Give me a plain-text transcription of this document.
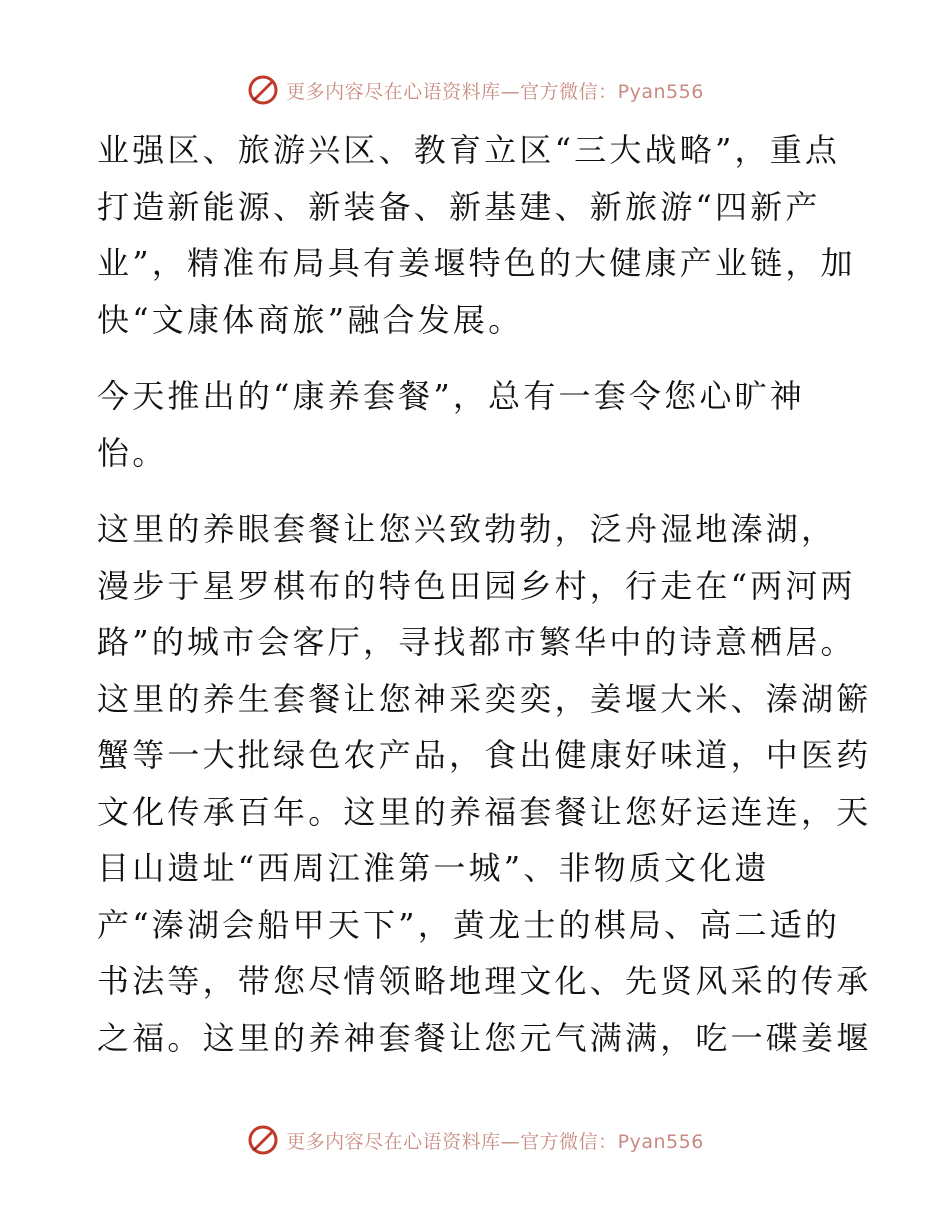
更多内容尽在心语资料库—官方微信：Pyan556
业强区、旅游兴区、教育立区“三大战略”，重点
打造新能源、新装备、新基建、新旅游“四新产
业”，精准布局具有姜堰特色的大健康产业链，加
快“文康体商旅”融合发展。
今天推出的“康养套餐”，总有一套令您心旷神
怡。
这里的养眼套餐让您兴致勃勃，泛舟湿地溱湖，
漫步于星罗棋布的特色田园乡村，行走在“两河两
路”的城市会客厅，寻找都市繁华中的诗意栖居。
这里的养生套餐让您神采奕奕，姜堰大米、溱湖簖
蟹等一大批绿色农产品，食出健康好味道，中医药
文化传承百年。这里的养福套餐让您好运连连，天
目山遗址“西周江淮第一城”、非物质文化遗
产“溱湖会船甲天下”，黄龙士的棋局、高二适的
书法等，带您尽情领略地理文化、先贤风采的传承
之福。这里的养神套餐让您元气满满，吃一碟姜堰
更多内容尽在心语资料库—官方微信：Pyan556
